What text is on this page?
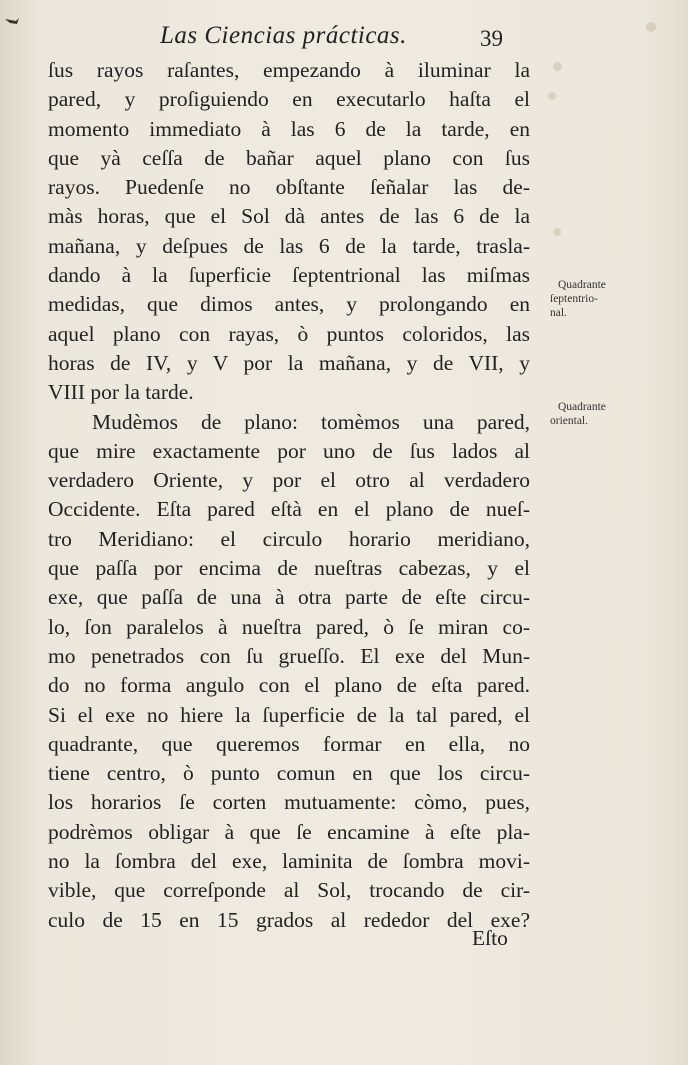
Las Ciencias prácticas.	39
ſus rayos raſantes, empezando à iluminar la
pared, y proſiguiendo en executarlo haſta el
momento immediato à las 6 de la tarde, en
que yà ceſſa de bañar aquel plano con ſus
rayos. Puedenſe no obſtante ſeñalar las de-
màs horas, que el Sol dà antes de las 6 de la
mañana, y deſpues de las 6 de la tarde, trasla-
dando à la ſuperficie ſeptentrional las miſmas
medidas, que dimos antes, y prolongando en
aquel plano con rayas, ò puntos coloridos, las
horas de IV, y V por la mañana, y de VII, y
VIII por la tarde.
Mudèmos de plano: tomèmos una pared,
que mire exactamente por uno de ſus lados al
verdadero Oriente, y por el otro al verdadero
Occidente. Eſta pared eſtà en el plano de nueſ-
tro Meridiano: el circulo horario meridiano,
que paſſa por encima de nueſtras cabezas, y el
exe, que paſſa de una à otra parte de eſte circu-
lo, ſon paralelos à nueſtra pared, ò ſe miran co-
mo penetrados con ſu grueſſo. El exe del Mun-
do no forma angulo con el plano de eſta pared.
Si el exe no hiere la ſuperficie de la tal pared, el
quadrante, que queremos formar en ella, no
tiene centro, ò punto comun en que los circu-
los horarios ſe corten mutuamente: còmo, pues,
podrèmos obligar à que ſe encamine à eſte pla-
no la ſombra del exe, laminita de ſombra movi-
vible, que correſponde al Sol, trocando de cir-
culo de 15 en 15 grados al rededor del exe?
Eſto
Quadrante
ſeptentrio-
nal.
Quadrante
oriental.
